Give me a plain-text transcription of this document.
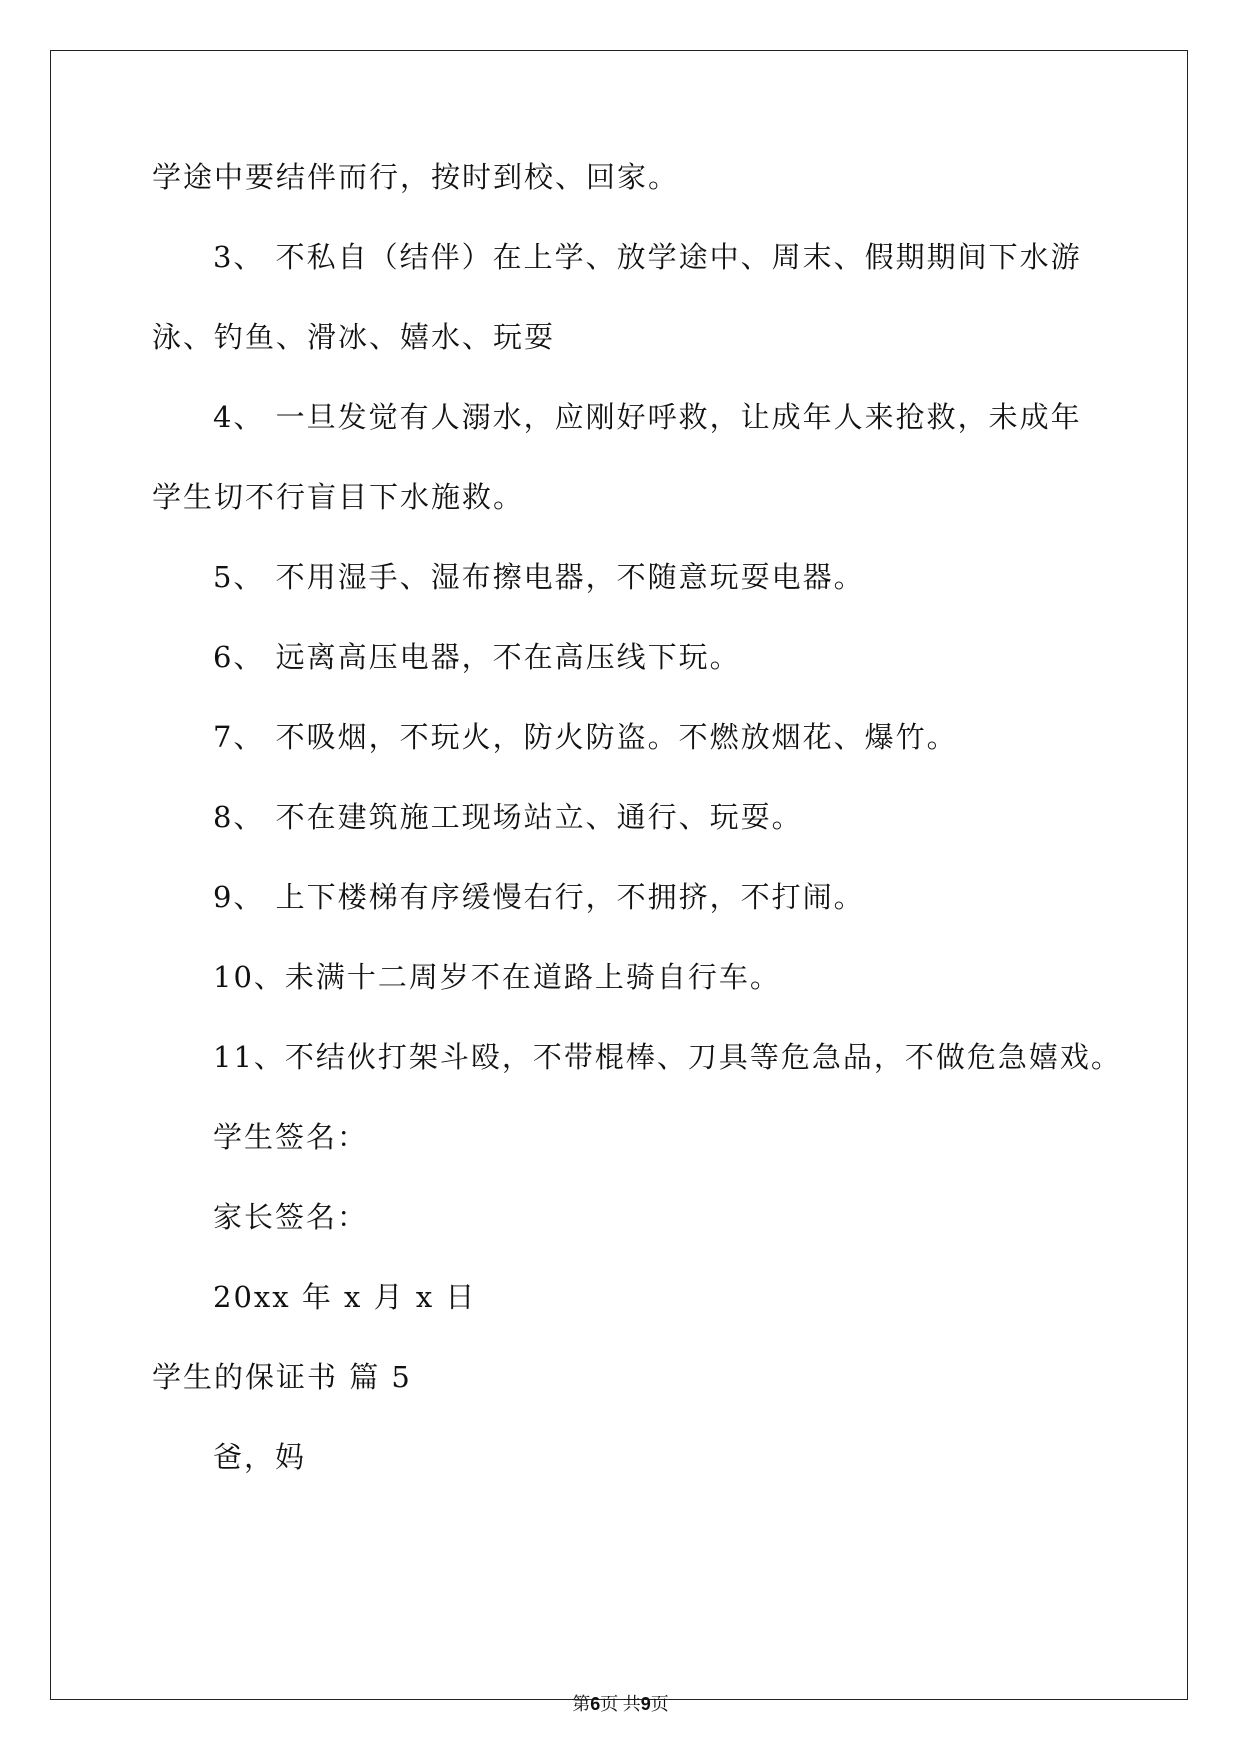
学途中要结伴而行，按时到校、回家。
3、 不私自（结伴）在上学、放学途中、周末、假期期间下水游
泳、钓鱼、滑冰、嬉水、玩耍
4、 一旦发觉有人溺水，应刚好呼救，让成年人来抢救，未成年
学生切不行盲目下水施救。
5、 不用湿手、湿布擦电器，不随意玩耍电器。
6、 远离高压电器，不在高压线下玩。
7、 不吸烟，不玩火，防火防盗。不燃放烟花、爆竹。
8、 不在建筑施工现场站立、通行、玩耍。
9、 上下楼梯有序缓慢右行，不拥挤，不打闹。
10、未满十二周岁不在道路上骑自行车。
11、不结伙打架斗殴，不带棍棒、刀具等危急品，不做危急嬉戏。
学生签名：
家长签名：
20xx 年 x 月 x 日
学生的保证书 篇 5
爸，妈
第6页 共9页
